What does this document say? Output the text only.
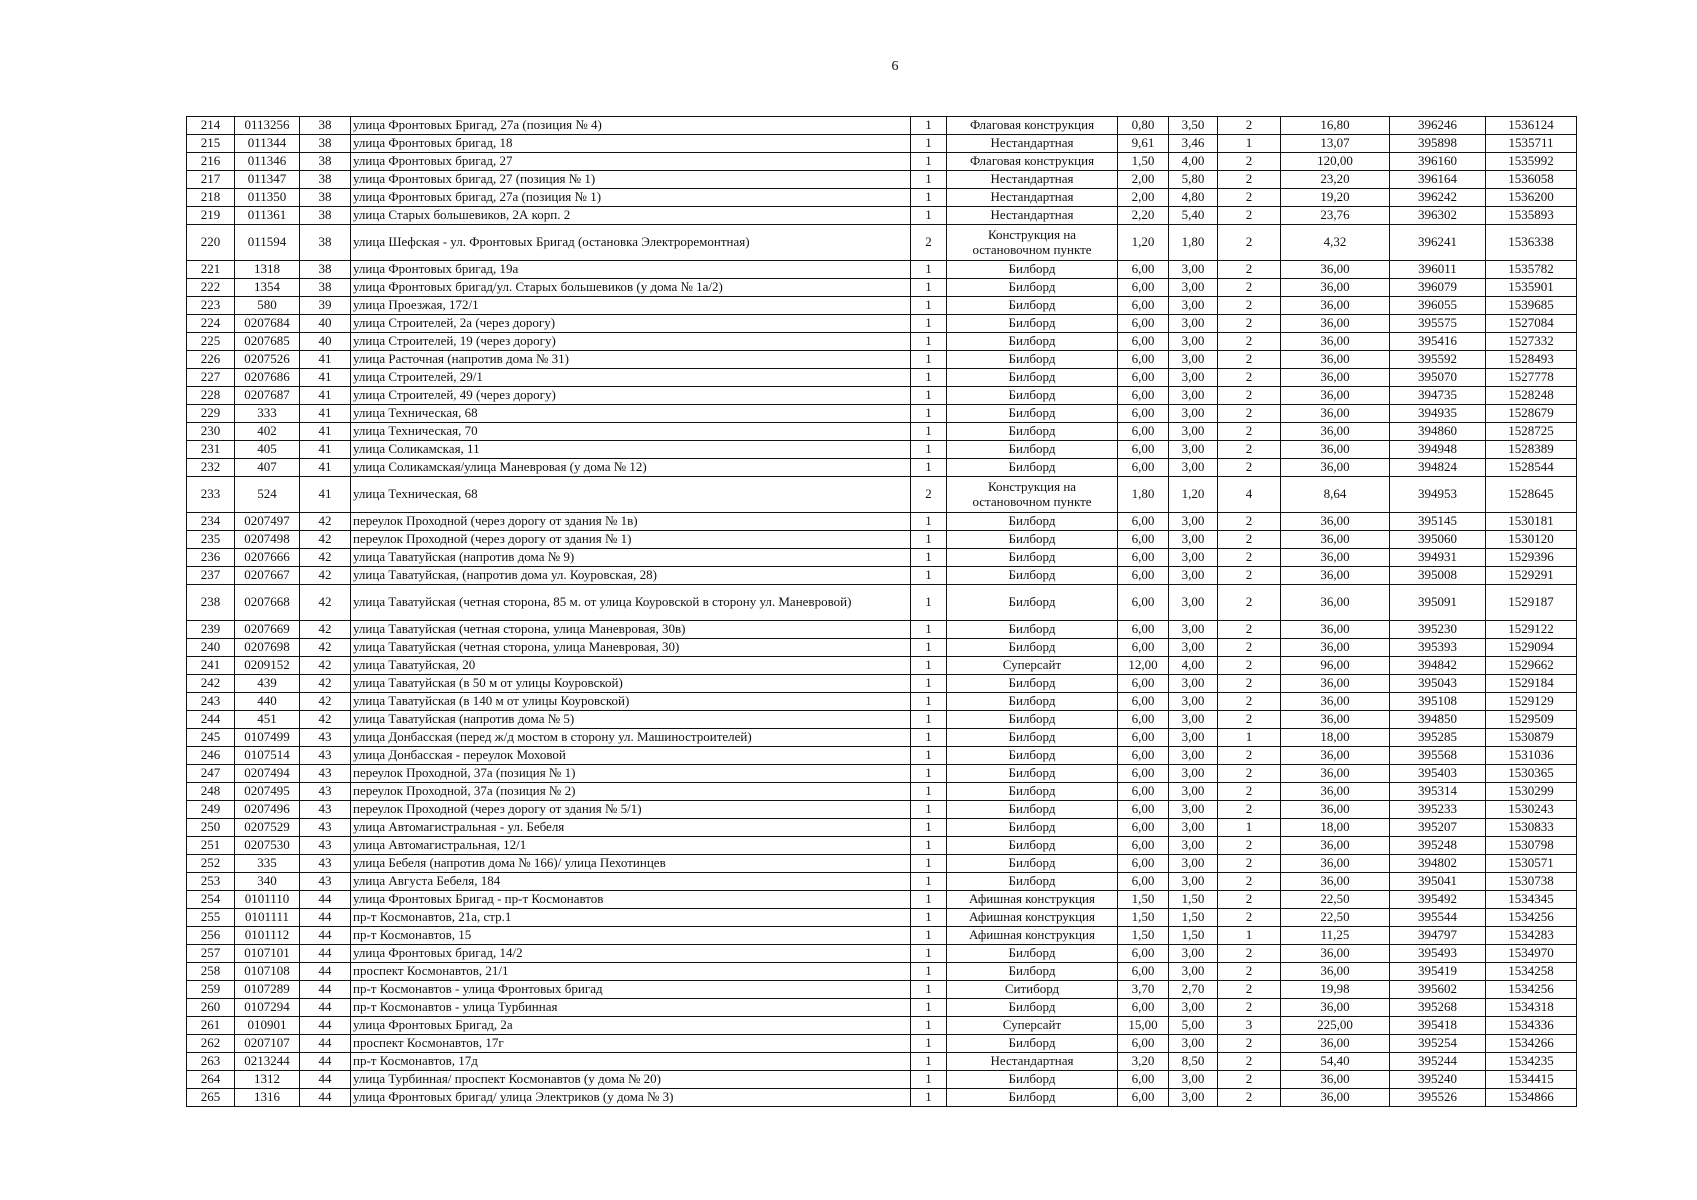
6
214	0113256	38	улица Фронтовых Бригад, 27а (позиция № 4)	1	Флаговая конструкция	0,80	3,50	2	16,80	396246	1536124
215	011344	38	улица Фронтовых бригад, 18	1	Нестандартная	9,61	3,46	1	13,07	395898	1535711
216	011346	38	улица Фронтовых бригад, 27	1	Флаговая конструкция	1,50	4,00	2	120,00	396160	1535992
217	011347	38	улица Фронтовых бригад, 27 (позиция № 1)	1	Нестандартная	2,00	5,80	2	23,20	396164	1536058
218	011350	38	улица Фронтовых бригад, 27а (позиция № 1)	1	Нестандартная	2,00	4,80	2	19,20	396242	1536200
219	011361	38	улица Старых большевиков, 2А корп. 2	1	Нестандартная	2,20	5,40	2	23,76	396302	1535893
220	011594	38	улица Шефская - ул. Фронтовых Бригад (остановка Электроремонтная)	2	Конструкция на остановочном пункте	1,20	1,80	2	4,32	396241	1536338
221	1318	38	улица Фронтовых бригад, 19а	1	Билборд	6,00	3,00	2	36,00	396011	1535782
222	1354	38	улица Фронтовых бригад/ул. Старых большевиков (у дома № 1а/2)	1	Билборд	6,00	3,00	2	36,00	396079	1535901
223	580	39	улица Проезжая, 172/1	1	Билборд	6,00	3,00	2	36,00	396055	1539685
224	0207684	40	улица Строителей, 2а (через дорогу)	1	Билборд	6,00	3,00	2	36,00	395575	1527084
225	0207685	40	улица Строителей, 19 (через дорогу)	1	Билборд	6,00	3,00	2	36,00	395416	1527332
226	0207526	41	улица Расточная (напротив дома № 31)	1	Билборд	6,00	3,00	2	36,00	395592	1528493
227	0207686	41	улица Строителей, 29/1	1	Билборд	6,00	3,00	2	36,00	395070	1527778
228	0207687	41	улица Строителей, 49 (через дорогу)	1	Билборд	6,00	3,00	2	36,00	394735	1528248
229	333	41	улица Техническая, 68	1	Билборд	6,00	3,00	2	36,00	394935	1528679
230	402	41	улица Техническая, 70	1	Билборд	6,00	3,00	2	36,00	394860	1528725
231	405	41	улица Соликамская, 11	1	Билборд	6,00	3,00	2	36,00	394948	1528389
232	407	41	улица Соликамская/улица Маневровая (у дома № 12)	1	Билборд	6,00	3,00	2	36,00	394824	1528544
233	524	41	улица Техническая, 68	2	Конструкция на остановочном пункте	1,80	1,20	4	8,64	394953	1528645
234	0207497	42	переулок Проходной (через дорогу от здания № 1в)	1	Билборд	6,00	3,00	2	36,00	395145	1530181
235	0207498	42	переулок Проходной (через дорогу от здания № 1)	1	Билборд	6,00	3,00	2	36,00	395060	1530120
236	0207666	42	улица Таватуйская (напротив дома № 9)	1	Билборд	6,00	3,00	2	36,00	394931	1529396
237	0207667	42	улица Таватуйская, (напротив дома ул. Коуровская, 28)	1	Билборд	6,00	3,00	2	36,00	395008	1529291
238	0207668	42	улица Таватуйская (четная сторона, 85 м. от улица Коуровской в сторону ул. Маневровой)	1	Билборд	6,00	3,00	2	36,00	395091	1529187
239	0207669	42	улица Таватуйская (четная сторона, улица Маневровая, 30в)	1	Билборд	6,00	3,00	2	36,00	395230	1529122
240	0207698	42	улица Таватуйская (четная сторона, улица Маневровая, 30)	1	Билборд	6,00	3,00	2	36,00	395393	1529094
241	0209152	42	улица Таватуйская, 20	1	Суперсайт	12,00	4,00	2	96,00	394842	1529662
242	439	42	улица Таватуйская (в 50 м от улицы Коуровской)	1	Билборд	6,00	3,00	2	36,00	395043	1529184
243	440	42	улица Таватуйская (в 140 м от улицы Коуровской)	1	Билборд	6,00	3,00	2	36,00	395108	1529129
244	451	42	улица Таватуйская (напротив дома № 5)	1	Билборд	6,00	3,00	2	36,00	394850	1529509
245	0107499	43	улица Донбасская (перед ж/д мостом в сторону ул. Машиностроителей)	1	Билборд	6,00	3,00	1	18,00	395285	1530879
246	0107514	43	улица Донбасская - переулок Моховой	1	Билборд	6,00	3,00	2	36,00	395568	1531036
247	0207494	43	переулок Проходной, 37а (позиция № 1)	1	Билборд	6,00	3,00	2	36,00	395403	1530365
248	0207495	43	переулок Проходной, 37а (позиция № 2)	1	Билборд	6,00	3,00	2	36,00	395314	1530299
249	0207496	43	переулок Проходной (через дорогу от здания № 5/1)	1	Билборд	6,00	3,00	2	36,00	395233	1530243
250	0207529	43	улица Автомагистральная - ул. Бебеля	1	Билборд	6,00	3,00	1	18,00	395207	1530833
251	0207530	43	улица Автомагистральная, 12/1	1	Билборд	6,00	3,00	2	36,00	395248	1530798
252	335	43	улица Бебеля (напротив дома № 166)/ улица Пехотинцев	1	Билборд	6,00	3,00	2	36,00	394802	1530571
253	340	43	улица Августа Бебеля, 184	1	Билборд	6,00	3,00	2	36,00	395041	1530738
254	0101110	44	улица Фронтовых Бригад - пр-т Космонавтов	1	Афишная конструкция	1,50	1,50	2	22,50	395492	1534345
255	0101111	44	пр-т Космонавтов, 21а, стр.1	1	Афишная конструкция	1,50	1,50	2	22,50	395544	1534256
256	0101112	44	пр-т Космонавтов, 15	1	Афишная конструкция	1,50	1,50	1	11,25	394797	1534283
257	0107101	44	улица Фронтовых бригад, 14/2	1	Билборд	6,00	3,00	2	36,00	395493	1534970
258	0107108	44	проспект Космонавтов, 21/1	1	Билборд	6,00	3,00	2	36,00	395419	1534258
259	0107289	44	пр-т Космонавтов - улица Фронтовых бригад	1	Ситиборд	3,70	2,70	2	19,98	395602	1534256
260	0107294	44	пр-т Космонавтов - улица Турбинная	1	Билборд	6,00	3,00	2	36,00	395268	1534318
261	010901	44	улица Фронтовых Бригад, 2а	1	Суперсайт	15,00	5,00	3	225,00	395418	1534336
262	0207107	44	проспект Космонавтов, 17г	1	Билборд	6,00	3,00	2	36,00	395254	1534266
263	0213244	44	пр-т Космонавтов, 17д	1	Нестандартная	3,20	8,50	2	54,40	395244	1534235
264	1312	44	улица Турбинная/ проспект Космонавтов (у дома № 20)	1	Билборд	6,00	3,00	2	36,00	395240	1534415
265	1316	44	улица Фронтовых бригад/ улица Электриков (у дома № 3)	1	Билборд	6,00	3,00	2	36,00	395526	1534866
